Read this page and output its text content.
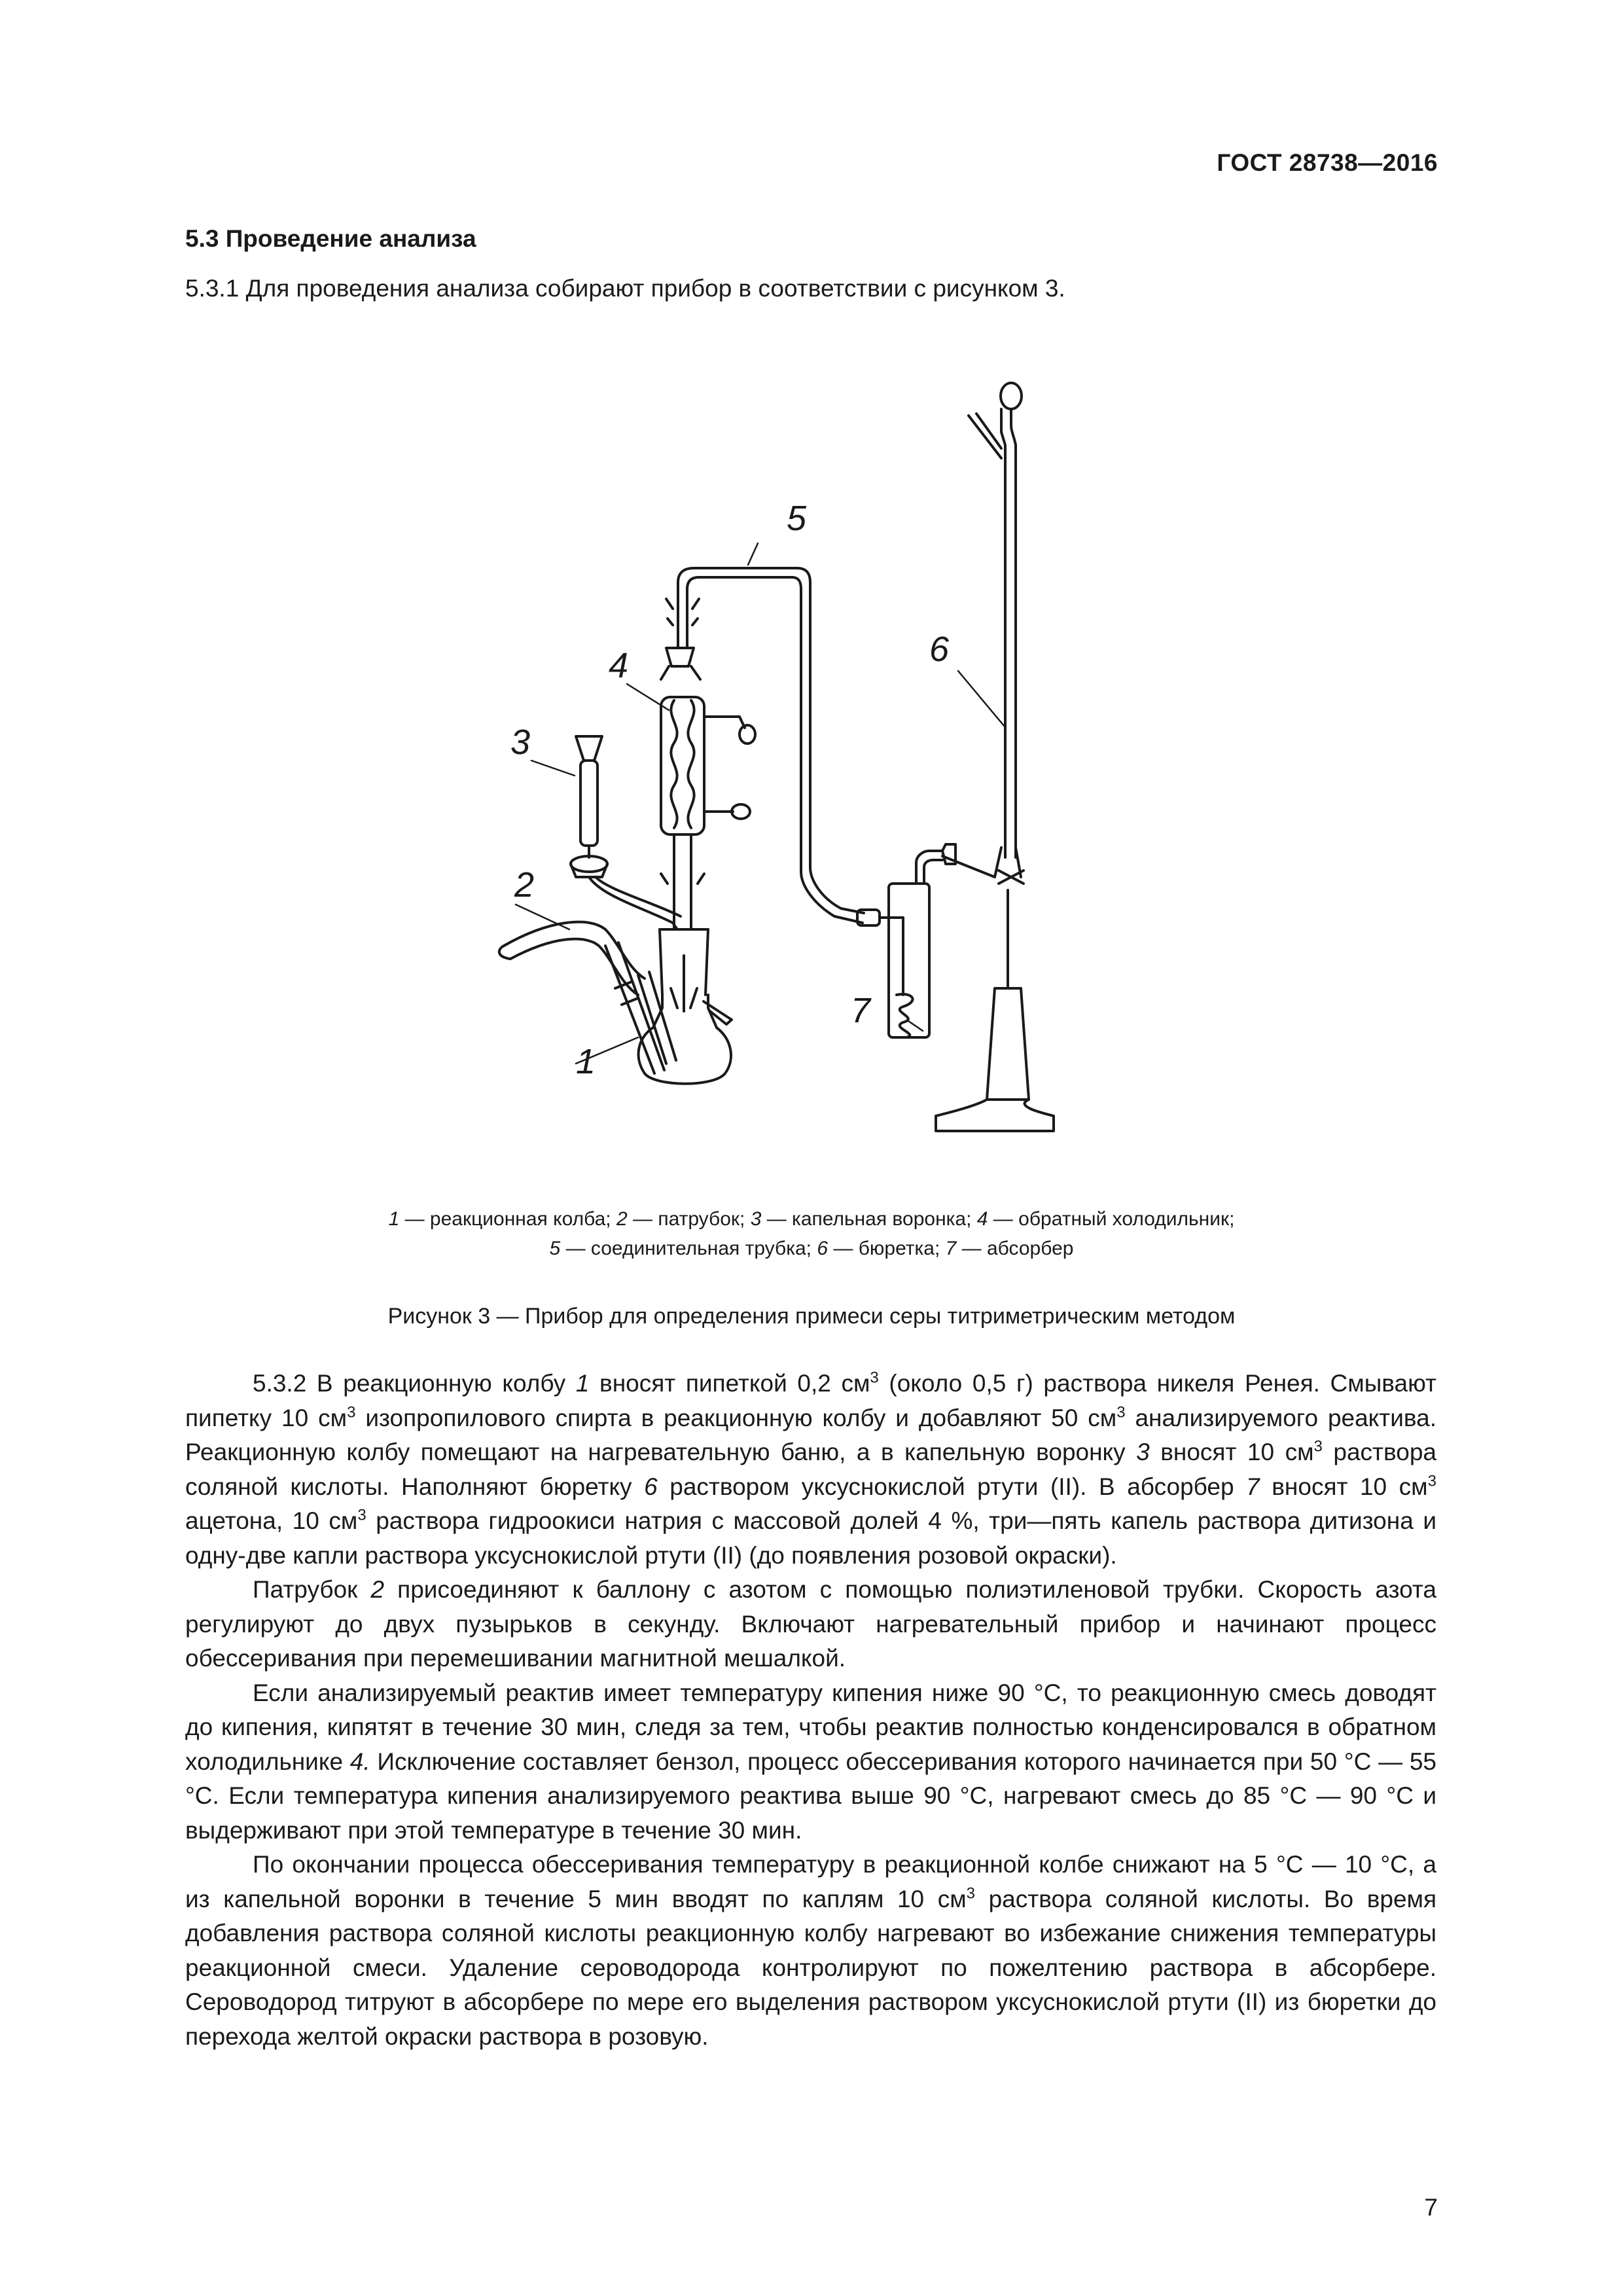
ГОСТ 28738—2016
5.3 Проведение анализа
5.3.1 Для проведения анализа собирают прибор в соответствии с рисунком 3.
5
6
4
3
2
7
1
1 — реакционная колба; 2 — патрубок; 3 — капельная воронка; 4 — обратный холодильник;
5 — соединительная трубка; 6 — бюретка; 7 — абсорбер
Рисунок 3 — Прибор для определения примеси серы титриметрическим методом

5.3.2 В реакционную колбу 1 вносят пипеткой 0,2 $см^3$ (около 0,5 г) раствора никеля Ренея. Смывают пипетку 10 $см^3$ изопропилового спирта в реакционную колбу и добавляют 50 $см^3$ анализируемого реактива. Реакционную колбу помещают на нагревательную баню, а в капельную воронку 3 вносят 10 $см^3$ раствора соляной кислоты. Наполняют бюретку 6 раствором уксуснокислой ртути (II). В абсорбер 7 вносят 10 $см^3$ ацетона, 10 $см^3$ раствора гидроокиси натрия с массовой долей 4 %, три—пять капель раствора дитизона и одну-две капли раствора уксуснокислой ртути (II) (до появления розовой окраски).

Патрубок 2 присоединяют к баллону с азотом с помощью полиэтиленовой трубки. Скорость азота регулируют до двух пузырьков в секунду. Включают нагревательный прибор и начинают процесс обессеривания при перемешивании магнитной мешалкой.

Если анализируемый реактив имеет температуру кипения ниже 90 °С, то реакционную смесь доводят до кипения, кипятят в течение 30 мин, следя за тем, чтобы реактив полностью конденсировался в обратном холодильнике 4. Исключение составляет бензол, процесс обессеривания которого начинается при 50 °С — 55 °С. Если температура кипения анализируемого реактива выше 90 °С, нагревают смесь до 85 °С — 90 °С и выдерживают при этой температуре в течение 30 мин.

По окончании процесса обессеривания температуру в реакционной колбе снижают на 5 °С — 10 °С, а из капельной воронки в течение 5 мин вводят по каплям 10 $см^3$ раствора соляной кислоты. Во время добавления раствора соляной кислоты реакционную колбу нагревают во избежание снижения температуры реакционной смеси. Удаление сероводорода контролируют по пожелтению раствора в абсорбере. Сероводород титруют в абсорбере по мере его выделения раствором уксуснокислой ртути (II) из бюретки до перехода желтой окраски раствора в розовую.

7
